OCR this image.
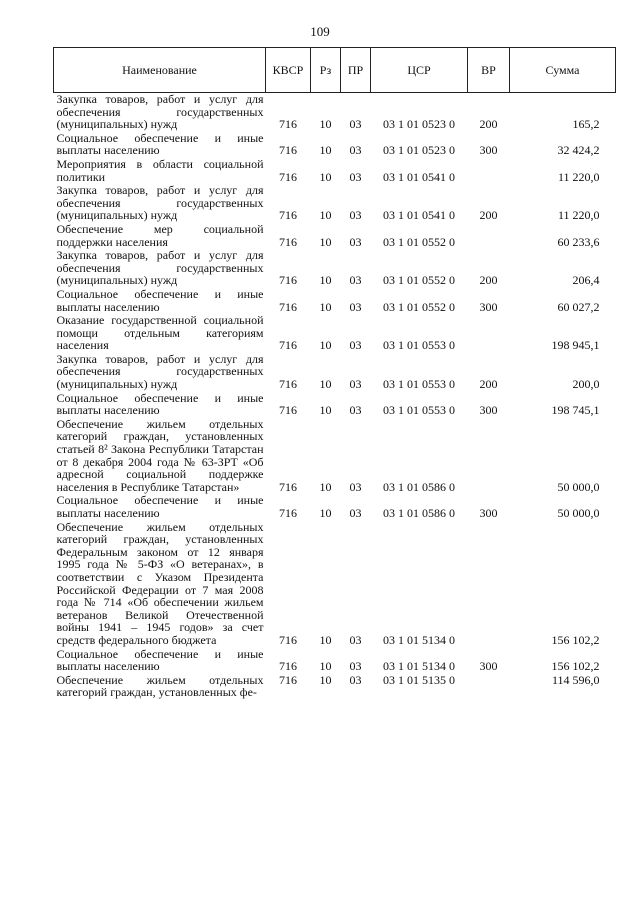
109
Наименование	КВСР	Рз	ПР	ЦСР	ВР	Сумма
Закупка товаров, работ и услуг для обеспечения государственных (муниципальных) нужд	716	10	03	03 1 01 0523 0	200	165,2
Социальное обеспечение и иные выплаты населению	716	10	03	03 1 01 0523 0	300	32 424,2
Мероприятия в области социальной политики	716	10	03	03 1 01 0541 0		11 220,0
Закупка товаров, работ и услуг для обеспечения государственных (муниципальных) нужд	716	10	03	03 1 01 0541 0	200	11 220,0
Обеспечение мер социальной поддержки населения	716	10	03	03 1 01 0552 0		60 233,6
Закупка товаров, работ и услуг для обеспечения государственных (муниципальных) нужд	716	10	03	03 1 01 0552 0	200	206,4
Социальное обеспечение и иные выплаты населению	716	10	03	03 1 01 0552 0	300	60 027,2
Оказание государственной социальной помощи отдельным категориям населения	716	10	03	03 1 01 0553 0		198 945,1
Закупка товаров, работ и услуг для обеспечения государственных (муниципальных) нужд	716	10	03	03 1 01 0553 0	200	200,0
Социальное обеспечение и иные выплаты населению	716	10	03	03 1 01 0553 0	300	198 745,1
Обеспечение жильем отдельных категорий граждан, установленных статьей 8² Закона Республики Татарстан от 8 декабря 2004 года № 63-ЗРТ «Об адресной социальной поддержке населения в Республике Татарстан»	716	10	03	03 1 01 0586 0		50 000,0
Социальное обеспечение и иные выплаты населению	716	10	03	03 1 01 0586 0	300	50 000,0
Обеспечение жильем отдельных категорий граждан, установленных Федеральным законом от 12 января 1995 года № 5-ФЗ «О ветеранах», в соответствии с Указом Президента Российской Федерации от 7 мая 2008 года № 714 «Об обеспечении жильем ветеранов Великой Отечественной войны 1941 – 1945 годов» за счет средств федерального бюджета	716	10	03	03 1 01 5134 0		156 102,2
Социальное обеспечение и иные выплаты населению	716	10	03	03 1 01 5134 0	300	156 102,2
Обеспечение жильем отдельных категорий граждан, установленных фе-	716	10	03	03 1 01 5135 0		114 596,0
